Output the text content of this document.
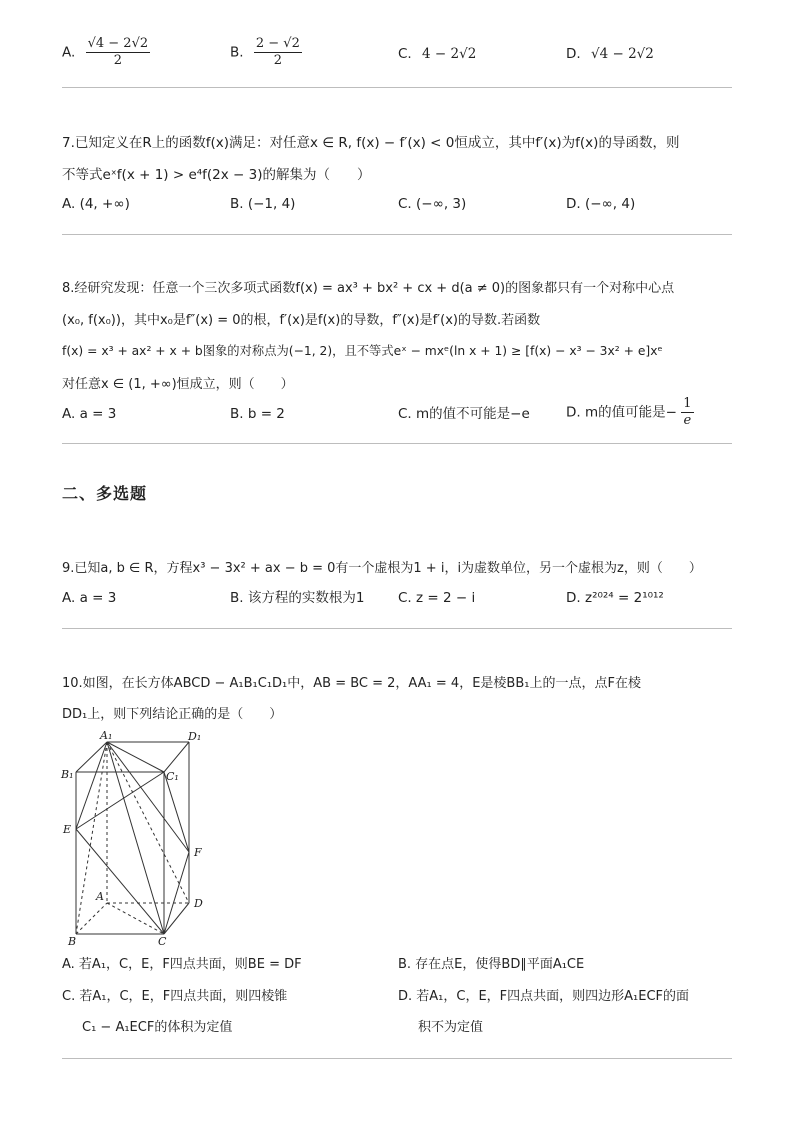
A. $\frac{√4 - 2√2}{2}$	B. $\frac{2 - √2}{2}$	C. 4 − 2√2	D. √4 − 2√2
7.已知定义在R上的函数f(x)满足：对任意x ∈ R, f(x) − f′(x) < 0恒成立，其中f′(x)为f(x)的导函数，则
不等式eˣf(x + 1) > e⁴f(2x − 3)的解集为（　　）
A. (4, +∞)	B. (−1, 4)	C. (−∞, 3)	D. (−∞, 4)
8.经研究发现：任意一个三次多项式函数f(x) = ax³ + bx² + cx + d(a ≠ 0)的图象都只有一个对称中心点
(x₀, f(x₀))，其中x₀是f″(x) = 0的根，f′(x)是f(x)的导数，f″(x)是f′(x)的导数.若函数
f(x) = x³ + ax² + x + b图象的对称点为(−1, 2)，且不等式eˣ − mxᵉ(ln x + 1) ≥ [f(x) − x³ − 3x² + e]xᵉ
对任意x ∈ (1, +∞)恒成立，则（　　）
A. a = 3	B. b = 2	C. m的值不可能是−e	D. m的值可能是− $\frac{1}{e}$
二、多选题
9.已知a, b ∈ R，方程x³ − 3x² + ax − b = 0有一个虚根为1 + i，i为虚数单位，另一个虚根为z，则（　　）
A. a = 3	B. 该方程的实数根为1 C. z = 2 − i	D. z²⁰²⁴ = 2¹⁰¹²
10.如图，在长方体ABCD − A₁B₁C₁D₁中，AB = BC = 2，AA₁ = 4，E是棱BB₁上的一点，点F在棱
DD₁上，则下列结论正确的是（　　）
A₁	D₁
B₁	C₁
E
F
A
D
B	C
A. 若A₁，C，E，F四点共面，则BE = DF	B. 存在点E，使得BD∥平面A₁CE
C. 若A₁，C，E，F四点共面，则四棱锥
C₁ − A₁ECF的体积为定值
D. 若A₁，C，E，F四点共面，则四边形A₁ECF的面
积不为定值
